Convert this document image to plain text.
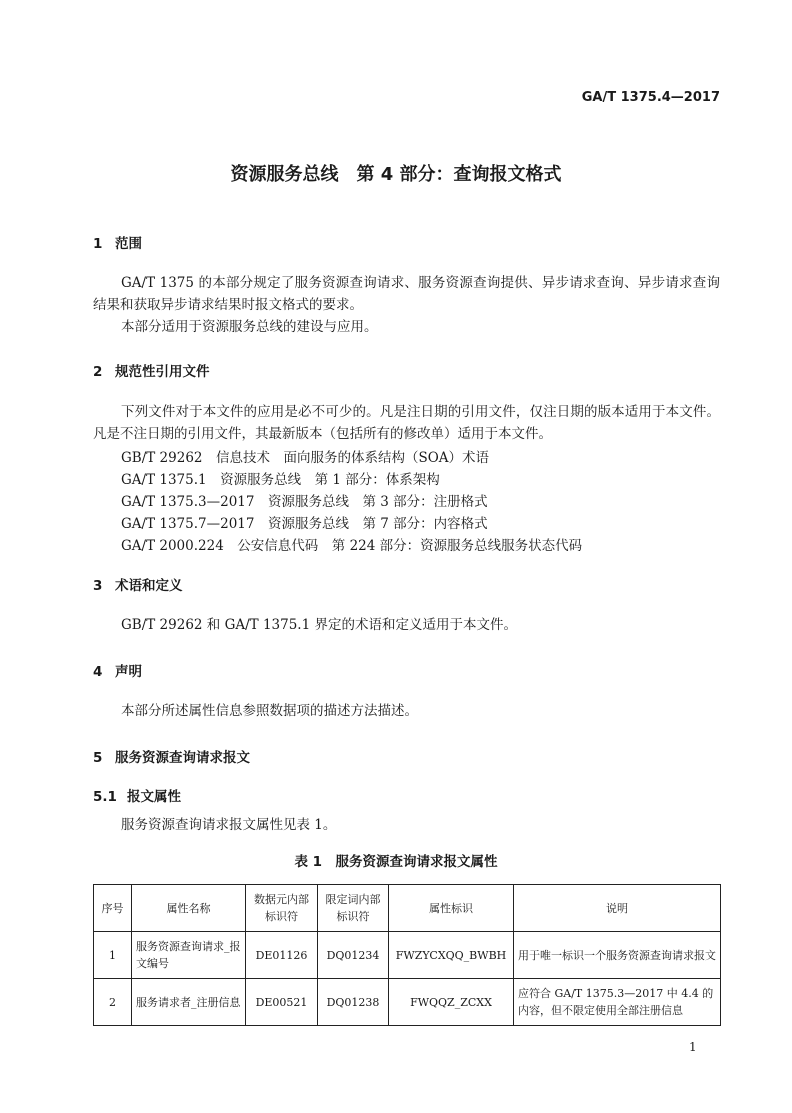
GA/T 1375.4—2017
资源服务总线　第 4 部分：查询报文格式
1 范围
GA/T 1375 的本部分规定了服务资源查询请求、服务资源查询提供、异步请求查询、异步请求查询结果和获取异步请求结果时报文格式的要求。
本部分适用于资源服务总线的建设与应用。
2 规范性引用文件
下列文件对于本文件的应用是必不可少的。凡是注日期的引用文件，仅注日期的版本适用于本文件。凡是不注日期的引用文件，其最新版本（包括所有的修改单）适用于本文件。
GB/T 29262　信息技术　面向服务的体系结构（SOA）术语
GA/T 1375.1　资源服务总线　第 1 部分：体系架构
GA/T 1375.3—2017　资源服务总线　第 3 部分：注册格式
GA/T 1375.7—2017　资源服务总线　第 7 部分：内容格式
GA/T 2000.224　公安信息代码　第 224 部分：资源服务总线服务状态代码
3 术语和定义
GB/T 29262 和 GA/T 1375.1 界定的术语和定义适用于本文件。
4 声明
本部分所述属性信息参照数据项的描述方法描述。
5 服务资源查询请求报文
5.1 报文属性
服务资源查询请求报文属性见表 1。
表 1　服务资源查询请求报文属性
序号	属性名称	数据元内部标识符	限定词内部标识符	属性标识	说明
1	服务资源查询请求_报文编号	DE01126	DQ01234	FWZYCXQQ_BWBH	用于唯一标识一个服务资源查询请求报文
2	服务请求者_注册信息	DE00521	DQ01238	FWQQZ_ZCXX	应符合 GA/T 1375.3—2017 中 4.4 的内容，但不限定使用全部注册信息
1
